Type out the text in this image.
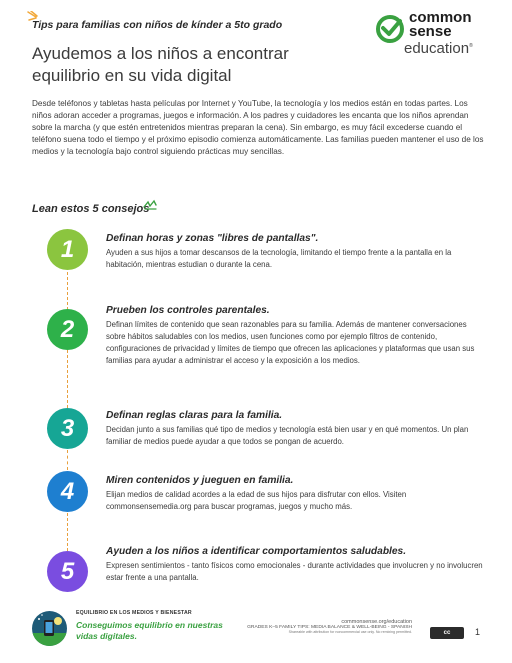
Tips para familias con niños de kínder a 5to grado
Ayudemos a los niños a encontrar equilibrio en su vida digital
common
sense
education®

Desde teléfonos y tabletas hasta películas por Internet y YouTube, la tecnología y los medios están en todas partes. Los niños adoran acceder a programas, juegos e información. A los padres y cuidadores les encanta que los niños aprendan sobre la marcha (y que estén entretenidos mientras preparan la cena). Sin embargo, es muy fácil excederse cuando el teléfono suena todo el tiempo y el próximo episodio comienza automáticamente. Las familias pueden mantener el uso de los medios y la tecnología bajo control siguiendo prácticas muy sencillas.

Lean estos 5 consejos
1	Definan horas y zonas "libres de pantallas".
Ayuden a sus hijos a tomar descansos de la tecnología, limitando el tiempo frente a la pantalla en la habitación, mientras estudian o durante la cena.
2
Prueben los controles parentales.
Definan límites de contenido que sean razonables para su familia. Además de mantener conversaciones sobre hábitos saludables con los medios, usen funciones como por ejemplo filtros de contenido, configuraciones de privacidad y límites de tiempo que ofrecen las aplicaciones y plataformas que usan sus familias para ayudar a administrar el acceso y la exposición a los medios.
3	Definan reglas claras para la familia.
Decidan junto a sus familias qué tipo de medios y tecnología está bien usar y en qué momentos. Un plan familiar de medios puede ayudar a que todos se pongan de acuerdo.
4	Miren contenidos y jueguen en familia.
Elijan medios de calidad acordes a la edad de sus hijos para disfrutar con ellos. Visiten commonsensemedia.org para buscar programas, juegos y mucho más.
5
Ayuden a los niños a identificar comportamientos saludables.
Expresen sentimientos - tanto físicos como emocionales - durante actividades que involucren y no involucren estar frente a una pantalla.
EQUILIBRIO EN LOS MEDIOS Y BIENESTAR
Conseguimos equilibrio en nuestras vidas digitales.
commonsense.org/education
GRADES K–5 FAMILY TIPS: MEDIA BALANCE & WELL-BEING - SPANISH
Shareable with attribution for noncommercial use only. No remixing permitted.	cc	1
